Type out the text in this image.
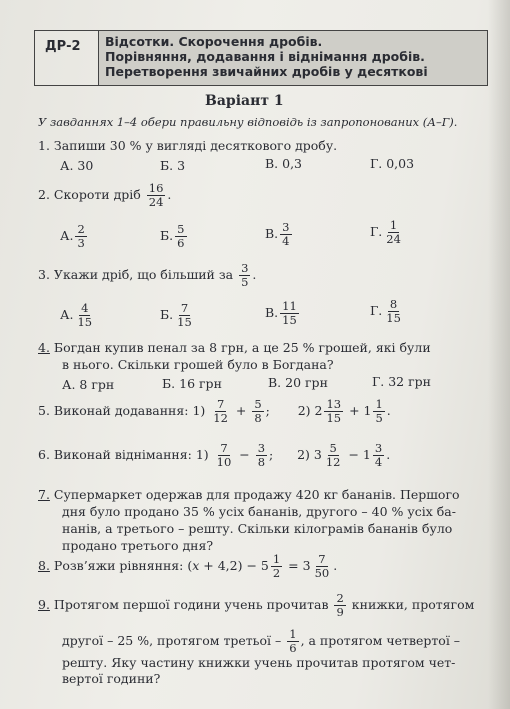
ДР-2	Відсотки. Скорочення дробів.
Порівняння, додавання і віднімання дробів.
Перетворення звичайних дробів у десяткові
Варіант 1
У завданнях 1–4 обери правильну відповідь із запропонованих (А–Г).
1. Запиши 30 % у вигляді десяткового дробу.
А. 30	Б. 3	В. 0,3	Г. 0,03
2. Скороти дріб $\frac{16}{24}$ .
А. $\frac{2}{3}$	Б. $\frac{5}{6}$	В. $\frac{3}{4}$	Г. $\frac{1}{24}$
3. Укажи дріб, що більший за $\frac{3}{5}$ .
А. $\frac{4}{15}$	Б. $\frac{7}{15}$	В. $\frac{11}{15}$	Г. $\frac{8}{15}$
4. Богдан купив пенал за 8 грн, а це 25 % грошей, які були
в нього. Скільки грошей було в Богдана?
А. 8 грн	Б. 16 грн	В. 20 грн	Г. 32 грн
5. Виконай додавання: $1) \frac{7}{12} + \frac{5}{8}$ ;       2) $2 \frac{13}{15} + 1 \frac{1}{5}$ .
6. Виконай віднімання: $1) \frac{7}{10} - \frac{3}{8}$ ;      2) $3 \frac{5}{12} - 1 \frac{3}{4}$ .
7. Супермаркет одержав для продажу 420 кг бананів. Першого
дня було продано 35 % усіх бананів, другого – 40 % усіх ба-
нанів, а третього – решту. Скільки кілограмів бананів було
продано третього дня?
8. Розв’яжи рівняння: $(x + 4,2) - 5 \frac{1}{2} = 3 \frac{7}{50}$ .
9. Протягом першої години учень прочитав $\frac{2}{9}$ книжки, протягом
другої – 25 %, протягом третьої – $\frac{1}{6}$ , а протягом четвертої –
решту. Яку частину книжки учень прочитав протягом чет-
вертої години?
